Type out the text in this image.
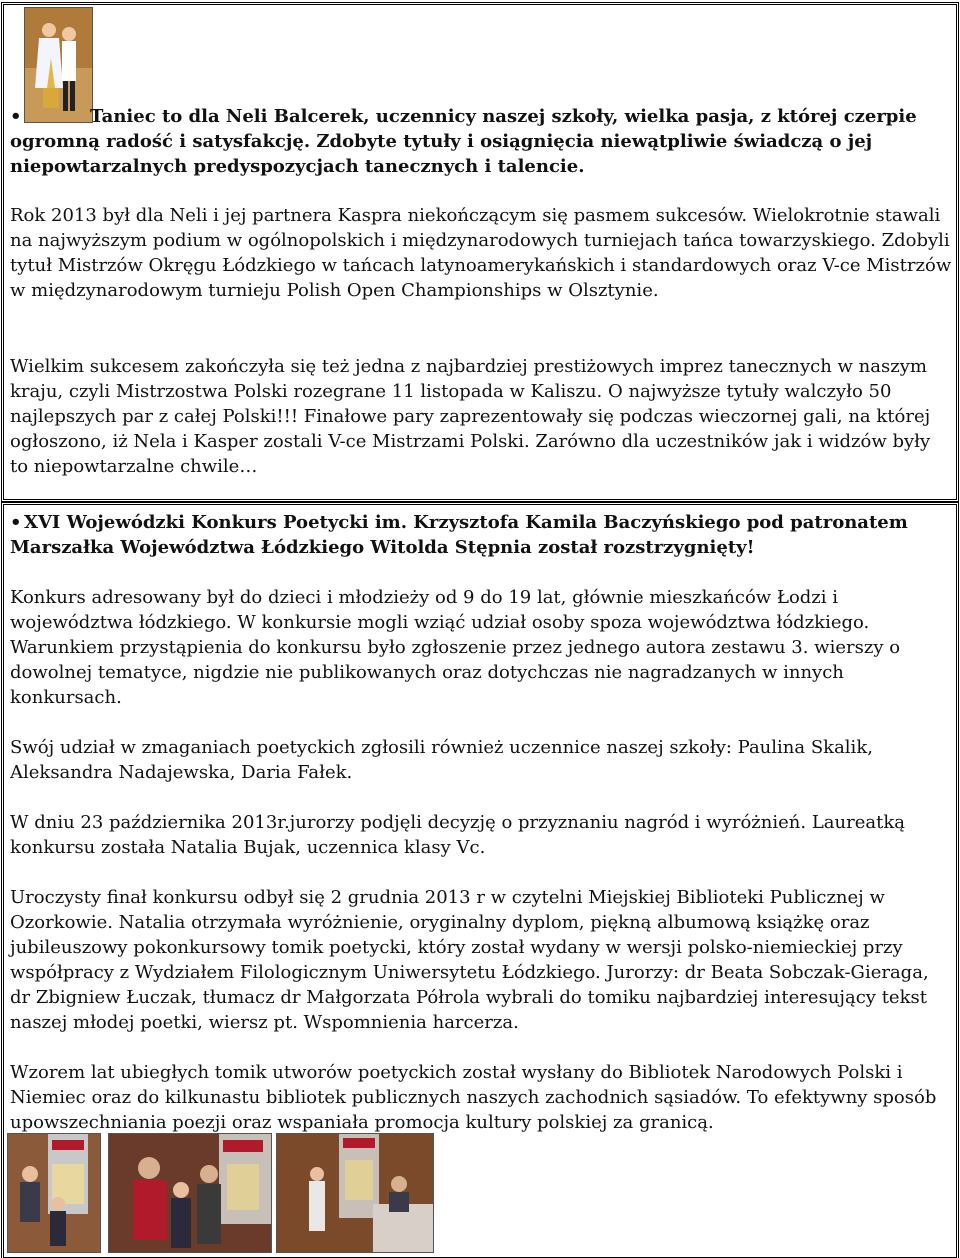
•	Taniec to dla Neli Balcerek, uczennicy naszej szkoły, wielka pasja, z której czerpie ogromną radość i satysfakcję. Zdobyte tytuły i osiągnięcia niewątpliwie świadczą o jej niepowtarzalnych predyspozycjach tanecznych i talencie.

Rok 2013 był dla Neli i jej partnera Kaspra niekończącym się pasmem sukcesów. Wielokrotnie stawali na najwyższym podium w ogólnopolskich i międzynarodowych turniejach tańca towarzyskiego. Zdobyli tytuł Mistrzów Okręgu Łódzkiego w tańcach latynoamerykańskich i standardowych oraz V-ce Mistrzów w międzynarodowym turnieju Polish Open Championships w Olsztynie.

Wielkim sukcesem zakończyła się też jedna z najbardziej prestiżowych imprez tanecznych w naszym kraju, czyli Mistrzostwa Polski rozegrane 11 listopada w Kaliszu. O najwyższe tytuły walczyło 50 najlepszych par z całej Polski!!! Finałowe pary zaprezentowały się podczas wieczornej gali, na której ogłoszono, iż Nela i Kasper zostali V-ce Mistrzami Polski. Zarówno dla uczestników jak i widzów były to niepowtarzalne chwile…

• XVI Wojewódzki Konkurs Poetycki im. Krzysztofa Kamila Baczyńskiego pod patronatem Marszałka Województwa Łódzkiego Witolda Stępnia został rozstrzygnięty!

Konkurs adresowany był do dzieci i młodzieży od 9 do 19 lat, głównie mieszkańców Łodzi i województwa łódzkiego. W konkursie mogli wziąć udział osoby spoza województwa łódzkiego. Warunkiem przystąpienia do konkursu było zgłoszenie przez jednego autora zestawu 3. wierszy o dowolnej tematyce, nigdzie nie publikowanych oraz dotychczas nie nagradzanych w innych konkursach.

Swój udział w zmaganiach poetyckich zgłosili również uczennice naszej szkoły: Paulina Skalik, Aleksandra Nadajewska, Daria Fałek.

W dniu 23 października 2013r.jurorzy podjęli decyzję o przyznaniu nagród i wyróżnień. Laureatką konkursu została Natalia Bujak, uczennica klasy Vc.

Uroczysty finał konkursu odbył się 2 grudnia 2013 r w czytelni Miejskiej Biblioteki Publicznej w Ozorkowie. Natalia otrzymała wyróżnienie, oryginalny dyplom, piękną albumową książkę oraz jubileuszowy pokonkursowy tomik poetycki, który został wydany w wersji polsko-niemieckiej przy współpracy z Wydziałem Filologicznym Uniwersytetu Łódzkiego. Jurorzy: dr Beata Sobczak-Gieraga, dr Zbigniew Łuczak, tłumacz dr Małgorzata Półrola wybrali do tomiku najbardziej interesujący tekst naszej młodej poetki, wiersz pt. Wspomnienia harcerza.

Wzorem lat ubiegłych tomik utworów poetyckich został wysłany do Bibliotek Narodowych Polski i Niemiec oraz do kilkunastu bibliotek publicznych naszych zachodnich sąsiadów. To efektywny sposób upowszechniania poezji oraz wspaniała promocja kultury polskiej za granicą.
